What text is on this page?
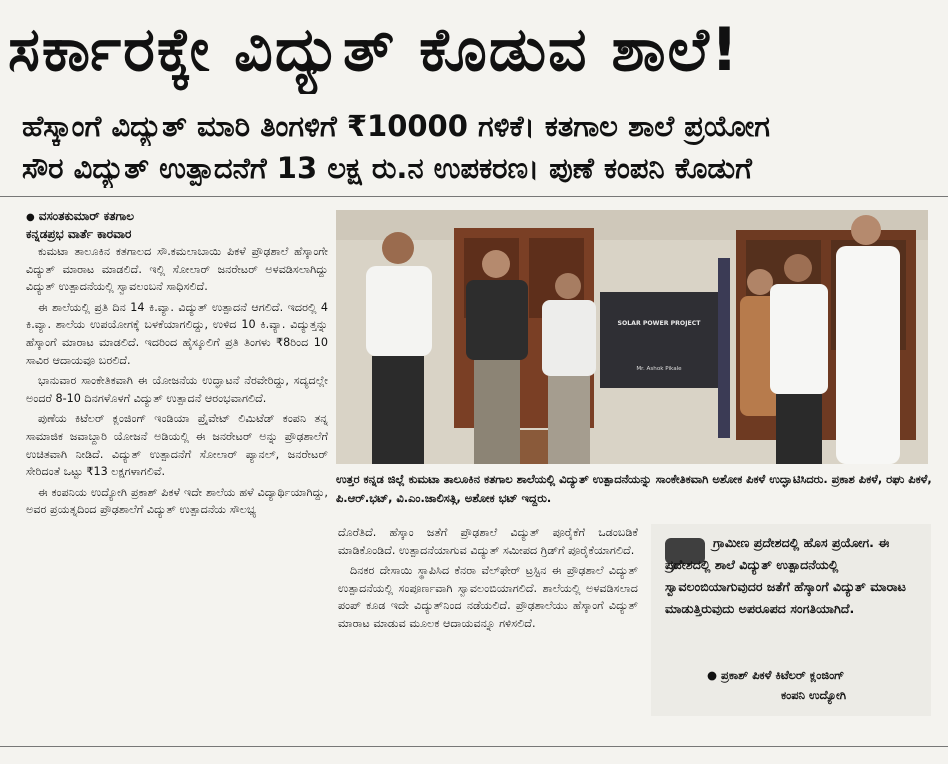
ಸರ್ಕಾರಕ್ಕೇ ವಿದ್ಯುತ್ ಕೊಡುವ ಶಾಲೆ!
ಹೆಸ್ಕಾಂಗೆ ವಿದ್ಯುತ್ ಮಾರಿ ತಿಂಗಳಿಗೆ ₹10000 ಗಳಿಕೆ। ಕತಗಾಲ ಶಾಲೆ ಪ್ರಯೋಗ
ಸೌರ ವಿದ್ಯುತ್ ಉತ್ಪಾದನೆಗೆ 13 ಲಕ್ಷ ರು.ನ ಉಪಕರಣ। ಪುಣೆ ಕಂಪನಿ ಕೊಡುಗೆ
● ವಸಂತಕುಮಾರ್ ಕತಗಾಲ
ಕನ್ನಡಪ್ರಭ ವಾರ್ತೆ ಕಾರವಾರ

ಕುಮಟಾ ತಾಲೂಕಿನ ಕತಗಾಲದ ಸೌ.ಕಮಲಾಬಾಯಿ ಪಿಕಳೆ ಪ್ರೌಢಶಾಲೆ ಹೆಸ್ಕಾಂಗೇ ವಿದ್ಯುತ್ ಮಾರಾಟ ಮಾಡಲಿದೆ. ಇಲ್ಲಿ ಸೋಲಾರ್ ಜನರೇಟರ್ ಅಳವಡಿಸಲಾಗಿದ್ದು ವಿದ್ಯುತ್ ಉತ್ಪಾದನೆಯಲ್ಲಿ ಸ್ವಾವಲಂಬನೆ ಸಾಧಿಸಲಿದೆ.

ಈ ಶಾಲೆಯಲ್ಲಿ ಪ್ರತಿ ದಿನ 14 ಕಿ.ವ್ಯಾ. ವಿದ್ಯುತ್ ಉತ್ಪಾದನೆ ಆಗಲಿದೆ. ಇದರಲ್ಲಿ 4 ಕಿ.ವ್ಯಾ. ಶಾಲೆಯ ಉಪಯೋಗಕ್ಕೆ ಬಳಕೆಯಾಗಲಿದ್ದು, ಉಳಿದ 10 ಕಿ.ವ್ಯಾ. ವಿದ್ಯುತ್ತನ್ನು ಹೆಸ್ಕಾಂಗೆ ಮಾರಾಟ ಮಾಡಲಿದೆ. ಇದರಿಂದ ಹೈಸ್ಕೂಲಿಗೆ ಪ್ರತಿ ತಿಂಗಳು ₹8ರಿಂದ 10 ಸಾವಿರ ಆದಾಯವೂ ಬರಲಿದೆ.

ಭಾನುವಾರ ಸಾಂಕೇತಿಕವಾಗಿ ಈ ಯೋಜನೆಯ ಉದ್ಘಾಟನೆ ನೆರವೇರಿದ್ದು, ಸದ್ಯದಲ್ಲೇ ಅಂದರೆ 8-10 ದಿನಗಳೊಳಗೆ ವಿದ್ಯುತ್ ಉತ್ಪಾದನೆ ಆರಂಭವಾಗಲಿದೆ.

ಪುಣೆಯ ಕಿಟೆಲರ್ ಕ್ಲಂಜಿಂಗ್ ಇಂಡಿಯಾ ಪ್ರೈವೇಟ್ ಲಿಮಿಟೆಡ್ ಕಂಪನಿ ತನ್ನ ಸಾಮಾಜಿಕ ಜವಾಬ್ದಾರಿ ಯೋಜನೆ ಅಡಿಯಲ್ಲಿ ಈ ಜನರೇಟರ್ ಅನ್ನು ಪ್ರೌಢಶಾಲೆಗೆ ಉಚಿತವಾಗಿ ನೀಡಿದೆ. ವಿದ್ಯುತ್ ಉತ್ಪಾದನೆಗೆ ಸೋಲಾರ್ ಪ್ಯಾನಲ್, ಜನರೇಟರ್ ಸೇರಿದಂತೆ ಒಟ್ಟು ₹13 ಲಕ್ಷಗಳಾಗಲಿವೆ.

ಈ ಕಂಪನಿಯ ಉದ್ಯೋಗಿ ಪ್ರಕಾಶ್ ಪಿಕಳೆ ಇದೇ ಶಾಲೆಯ ಹಳೆ ವಿದ್ಯಾರ್ಥಿಯಾಗಿದ್ದು, ಅವರ ಪ್ರಯತ್ನದಿಂದ ಪ್ರೌಢಶಾಲೆಗೆ ವಿದ್ಯುತ್ ಉತ್ಪಾದನೆಯ ಸೌಲಭ್ಯ

SOLAR POWER PROJECT
Mr. Ashok Pikale
ಉತ್ತರ ಕನ್ನಡ ಜಿಲ್ಲೆ ಕುಮಟಾ ತಾಲೂಕಿನ ಕತಗಾಲ ಶಾಲೆಯಲ್ಲಿ ವಿದ್ಯುತ್ ಉತ್ಪಾದನೆಯನ್ನು ಸಾಂಕೇತಿಕವಾಗಿ ಅಶೋಕ ಪಿಕಳೆ ಉದ್ಘಾಟಿಸಿದರು. ಪ್ರಕಾಶ ಪಿಕಳೆ, ರಘು ಪಿಕಳೆ, ಪಿ.ಆರ್.ಭಟ್, ವಿ.ಎಂ.ಜಾಲಿಸತ್ಗಿ, ಅಶೋಕ ಭಟ್ ಇದ್ದರು.

ದೊರೆತಿದೆ. ಹೆಸ್ಕಾಂ ಜತೆಗೆ ಪ್ರೌಢಶಾಲೆ ವಿದ್ಯುತ್ ಪೂರೈಕೆಗೆ ಒಡಂಬಡಿಕೆ ಮಾಡಿಕೊಂಡಿದೆ. ಉತ್ಪಾದನೆಯಾಗುವ ವಿದ್ಯುತ್ ಸಮೀಪದ ಗ್ರಿಡ್‌ಗೆ ಪೂರೈಕೆಯಾಗಲಿದೆ.

ದಿನಕರ ದೇಸಾಯಿ ಸ್ಥಾಪಿಸಿದ ಕೆನರಾ ವೆಲ್‌ಫೇರ್ ಟ್ರಸ್ಟಿನ ಈ ಪ್ರೌಢಶಾಲೆ ವಿದ್ಯುತ್ ಉತ್ಪಾದನೆಯಲ್ಲಿ ಸಂಪೂರ್ಣವಾಗಿ ಸ್ವಾವಲಂಬಿಯಾಗಲಿದೆ. ಶಾಲೆಯಲ್ಲಿ ಅಳವಡಿಸಲಾದ ಪಂಪ್ ಕೂಡ ಇದೇ ವಿದ್ಯುತ್‌ನಿಂದ ನಡೆಯಲಿದೆ. ಪ್ರೌಢಶಾಲೆಯು ಹೆಸ್ಕಾಂಗೆ ವಿದ್ಯುತ್ ಮಾರಾಟ ಮಾಡುವ ಮೂಲಕ ಆದಾಯವನ್ನೂ ಗಳಿಸಲಿದೆ.

ಗ್ರಾಮೀಣ ಪ್ರದೇಶದಲ್ಲಿ ಹೊಸ ಪ್ರಯೋಗ. ಈ ಪ್ರದೇಶದಲ್ಲಿ ಶಾಲೆ ವಿದ್ಯುತ್ ಉತ್ಪಾದನೆಯಲ್ಲಿ ಸ್ವಾವಲಂಬಿಯಾಗುವುದರ ಜತೆಗೆ ಹೆಸ್ಕಾಂಗೆ ವಿದ್ಯುತ್ ಮಾರಾಟ ಮಾಡುತ್ತಿರುವುದು ಅಪರೂಪದ ಸಂಗತಿಯಾಗಿದೆ.
● ಪ್ರಕಾಶ್ ಪಿಕಳೆ ಕಿಟೆಲರ್ ಕ್ಲಂಜಿಂಗ್
ಕಂಪನಿ ಉದ್ಯೋಗಿ
